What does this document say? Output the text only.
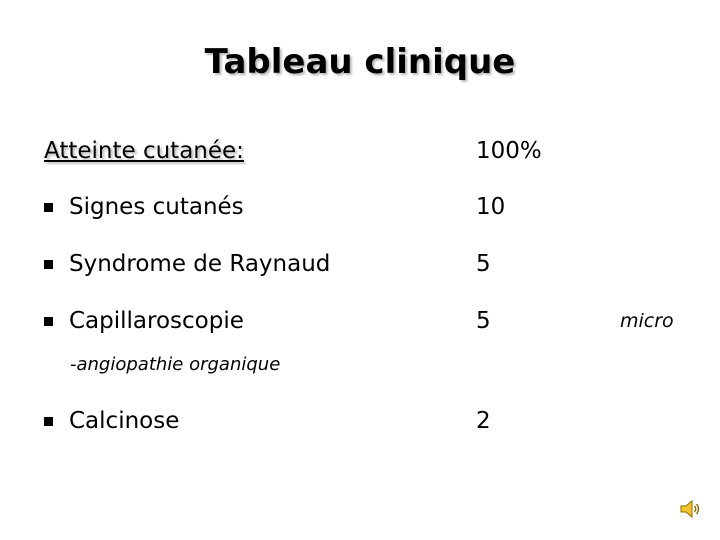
Tableau clinique
Atteinte cutanée:	100%
Signes cutanés	10
Syndrome de Raynaud	5
Capillaroscopie	5	micro
-angiopathie organique
Calcinose	2
